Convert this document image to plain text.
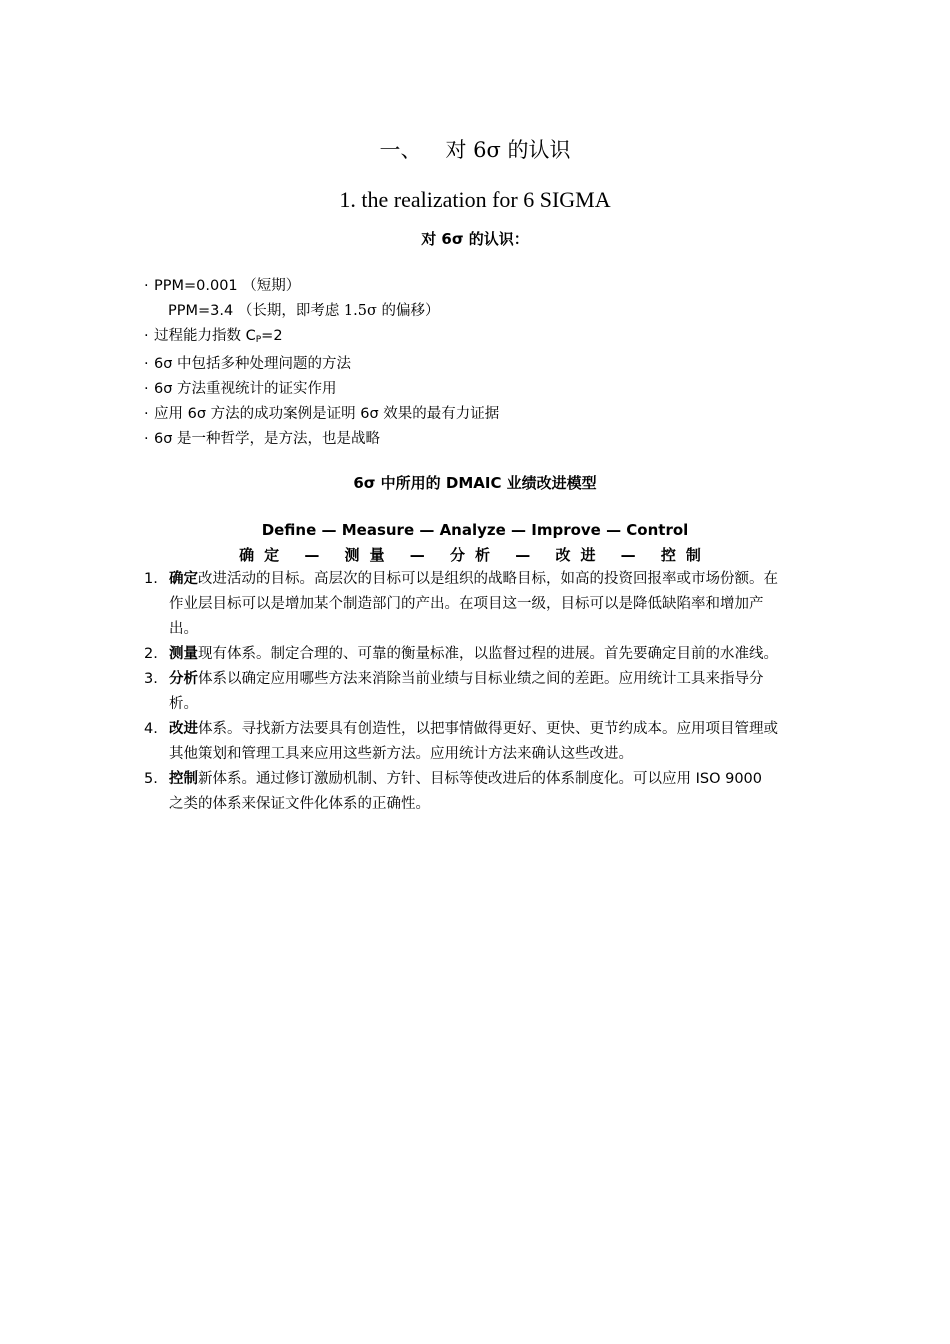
一、 对 6σ 的认识
1. the realization for 6 SIGMA
对 6σ 的认识：
· PPM=0.001 （短期）
PPM=3.4 （长期，即考虑 1.5σ 的偏移）
· 过程能力指数 $C_P=2$
· 6σ 中包括多种处理问题的方法
· 6σ 方法重视统计的证实作用
· 应用 6σ 方法的成功案例是证明 6σ 效果的最有力证据
· 6σ 是一种哲学，是方法，也是战略
6σ 中所用的 DMAIC 业绩改进模型
Define — Measure — Analyze — Improve — Control
确定 — 测量 — 分析 — 改进 — 控制

1. 确定改进活动的目标。高层次的目标可以是组织的战略目标，如高的投资回报率或市场份额。在作业层目标可以是增加某个制造部门的产出。在项目这一级，目标可以是降低缺陷率和增加产出。

2. 测量现有体系。制定合理的、可靠的衡量标准，以监督过程的进展。首先要确定目前的水准线。

3. 分析体系以确定应用哪些方法来消除当前业绩与目标业绩之间的差距。应用统计工具来指导分析。

4. 改进体系。寻找新方法要具有创造性，以把事情做得更好、更快、更节约成本。应用项目管理或其他策划和管理工具来应用这些新方法。应用统计方法来确认这些改进。

5. 控制新体系。通过修订激励机制、方针、目标等使改进后的体系制度化。可以应用 ISO 9000 之类的体系来保证文件化体系的正确性。
